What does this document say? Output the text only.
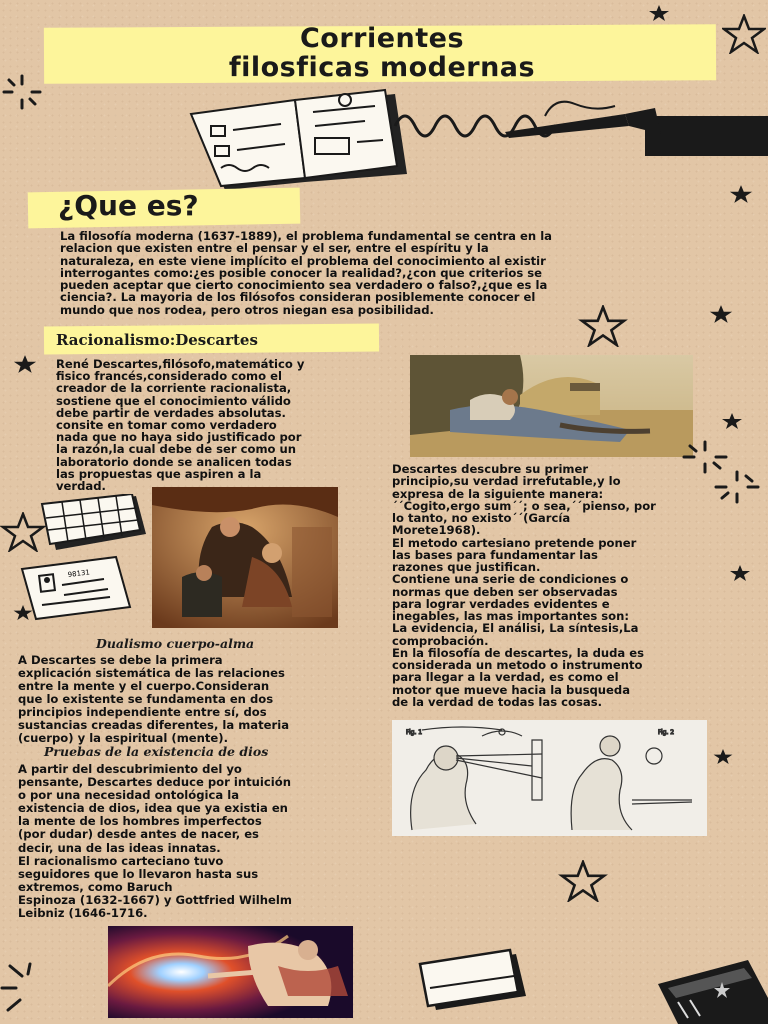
Corrientes
filosficas modernas
¿Que es?
La filosofía moderna (1637-1889), el problema fundamental se centra en la
relacion que existen entre el pensar y el ser, entre el espíritu y la
naturaleza, en este viene implícito el problema del conocimiento al existir
interrogantes como:¿es posible conocer la realidad?,¿con que criterios se
pueden aceptar que cierto conocimiento sea verdadero o falso?,¿que es la
ciencia?. La mayoria de los filósofos consideran posiblemente conocer el
mundo que nos rodea, pero otros niegan esa posibilidad.
Racionalismo:Descartes
René Descartes,filósofo,matemático y
fisico francés,considerado como el
creador de la corriente racionalista,
sostiene que el conocimiento válido
debe partir de verdades absolutas.
consite en tomar como verdadero
nada que no haya sido justificado por
la razón,la cual debe de ser como un
laboratorio donde se analicen todas
las propuestas que aspiren a la
verdad.
Descartes descubre su primer
principio,su verdad irrefutable,y lo
expresa de la siguiente manera:
´´Cogito,ergo sum´´; o sea,´´pienso, por
lo tanto, no existo´´(García
Morete1968).
El metodo cartesiano pretende poner
las bases para fundamentar las
razones que justifican.
Contiene una serie de condiciones o
normas que deben ser observadas
para lograr verdades evidentes e
inegables, las mas importantes son:
La evidencia, El análisi, La síntesis,La
comprobación.
En la filosofía de descartes, la duda es
considerada un metodo o instrumento
para llegar a la verdad, es como el
motor que mueve hacia la busqueda
de la verdad de todas las cosas.
98131
Dualismo cuerpo-alma
A Descartes se debe la primera
explicación sistemática de las relaciones
entre la mente y el cuerpo.Consideran
que lo existente se fundamenta en dos
principios independiente entre sí, dos
sustancias creadas diferentes, la materia
(cuerpo) y la espiritual (mente).	Fig. 1	Fig. 2
Pruebas de la existencia de dios
A partir del descubrimiento del yo
pensante, Descartes deduce por intuición
o por una necesidad ontológica la
existencia de dios, idea que ya existia en
la mente de los hombres imperfectos
(por dudar) desde antes de nacer, es
decir, una de las ideas innatas.
El racionalismo carteciano tuvo
seguidores que lo llevaron hasta sus
extremos, como Baruch
Espinoza (1632-1667) y Gottfried Wilhelm
Leibniz (1646-1716.
